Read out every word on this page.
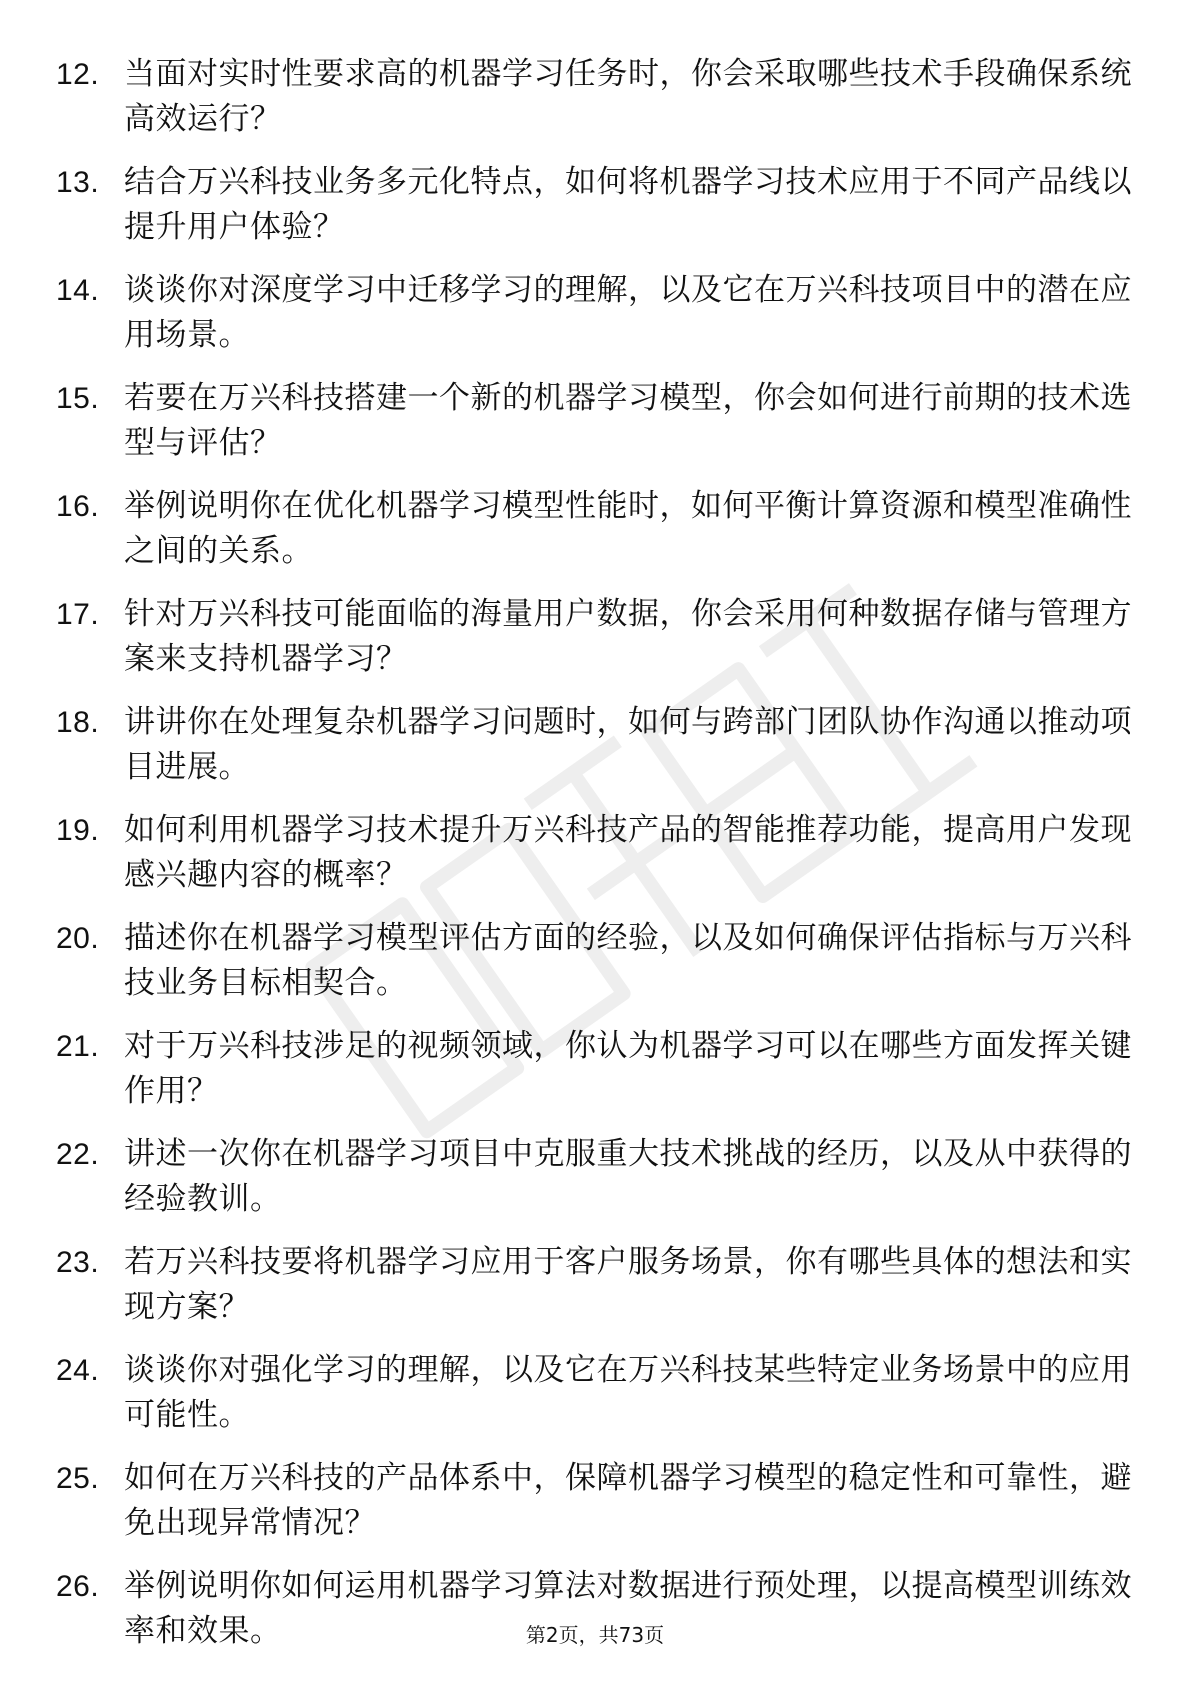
12. 当面对实时性要求高的机器学习任务时，你会采取哪些技术手段确保系统高效运行？
13. 结合万兴科技业务多元化特点，如何将机器学习技术应用于不同产品线以提升用户体验？
14. 谈谈你对深度学习中迁移学习的理解，以及它在万兴科技项目中的潜在应用场景。
15. 若要在万兴科技搭建一个新的机器学习模型，你会如何进行前期的技术选型与评估？
16. 举例说明你在优化机器学习模型性能时，如何平衡计算资源和模型准确性之间的关系。
17. 针对万兴科技可能面临的海量用户数据，你会采用何种数据存储与管理方案来支持机器学习？
18. 讲讲你在处理复杂机器学习问题时，如何与跨部门团队协作沟通以推动项目进展。
19. 如何利用机器学习技术提升万兴科技产品的智能推荐功能，提高用户发现感兴趣内容的概率？
20. 描述你在机器学习模型评估方面的经验，以及如何确保评估指标与万兴科技业务目标相契合。
21. 对于万兴科技涉足的视频领域，你认为机器学习可以在哪些方面发挥关键作用？
22. 讲述一次你在机器学习项目中克服重大技术挑战的经历，以及从中获得的经验教训。
23. 若万兴科技要将机器学习应用于客户服务场景，你有哪些具体的想法和实现方案？
24. 谈谈你对强化学习的理解，以及它在万兴科技某些特定业务场景中的应用可能性。
25. 如何在万兴科技的产品体系中，保障机器学习模型的稳定性和可靠性，避免出现异常情况？
26. 举例说明你如何运用机器学习算法对数据进行预处理，以提高模型训练效率和效果。	第2页，共73页
